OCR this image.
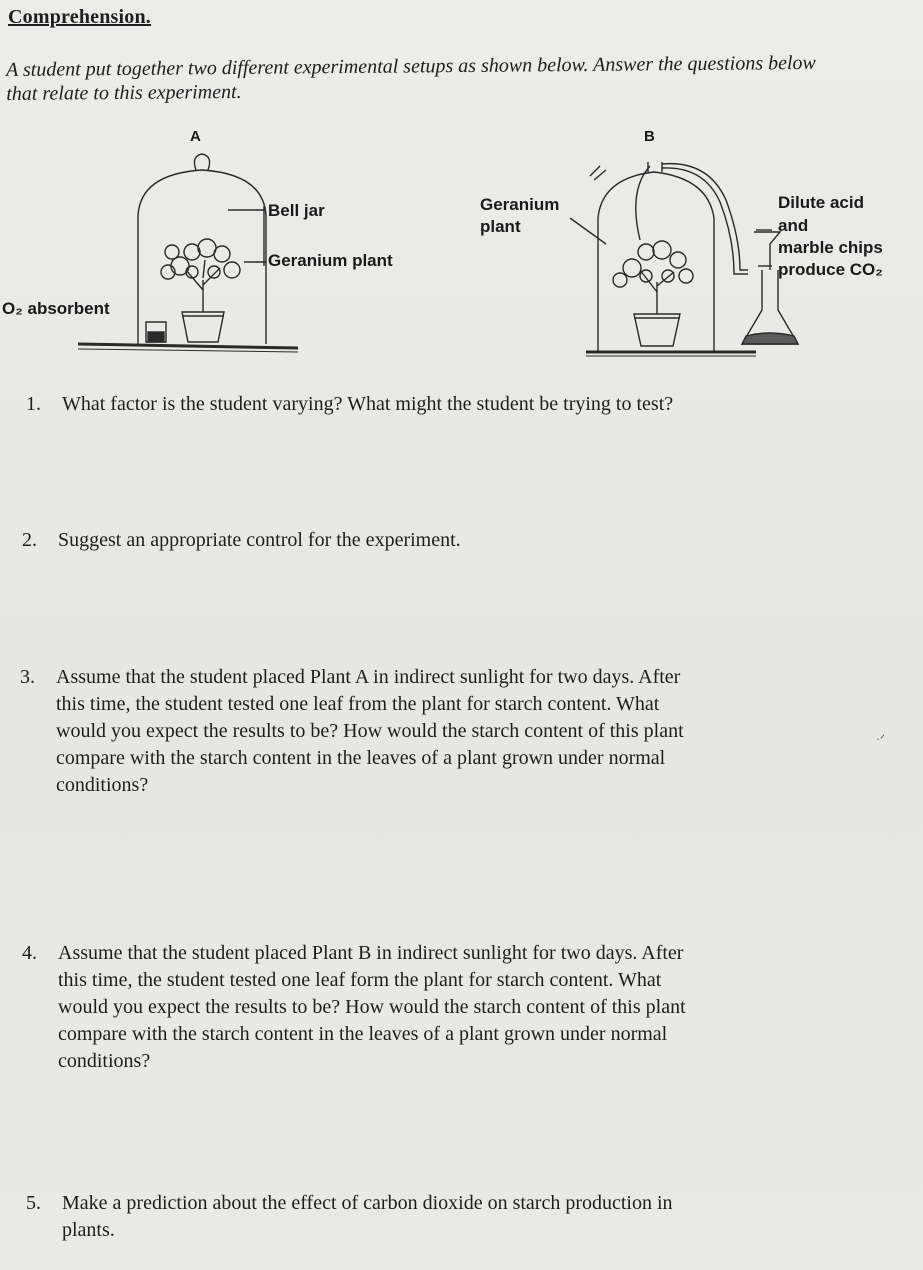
Comprehension.
A student put together two different experimental setups as shown below. Answer the questions below that relate to this experiment.
A
Bell jar
Geranium plant
O₂ absorbent
B
Geranium
plant
Dilute acid
and
marble chips
produce CO₂
1. What factor is the student varying? What might the student be trying to test?
2. Suggest an appropriate control for the experiment.
3. Assume that the student placed Plant A in indirect sunlight for two days. After
this time, the student tested one leaf from the plant for starch content. What
would you expect the results to be? How would the starch content of this plant
compare with the starch content in the leaves of a plant grown under normal
conditions?
4. Assume that the student placed Plant B in indirect sunlight for two days. After
this time, the student tested one leaf form the plant for starch content. What
would you expect the results to be? How would the starch content of this plant
compare with the starch content in the leaves of a plant grown under normal
conditions?
5. Make a prediction about the effect of carbon dioxide on starch production in
plants.
·ᐟ
